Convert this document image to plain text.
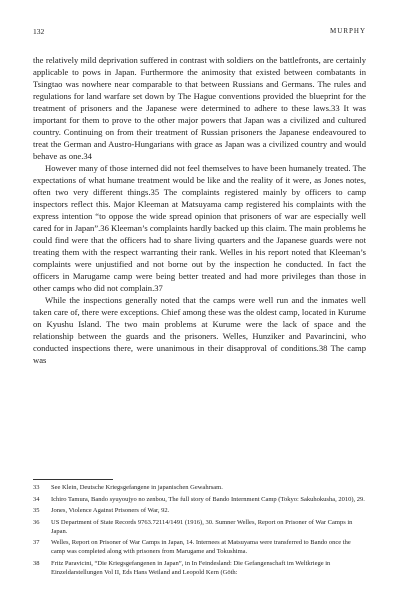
132	MURPHY

the relatively mild deprivation suffered in contrast with soldiers on the battlefronts, are certainly applicable to pows in Japan. Furthermore the animosity that existed between combatants in Tsingtao was nowhere near comparable to that between Russians and Germans. The rules and regulations for land warfare set down by The Hague conventions provided the blueprint for the treatment of prisoners and the Japanese were determined to adhere to these laws.33 It was important for them to prove to the other major powers that Japan was a civilized and cultured country. Continuing on from their treatment of Russian prisoners the Japanese endeavoured to treat the German and Austro-Hungarians with grace as Japan was a civilized country and would behave as one.34

However many of those interned did not feel themselves to have been humanely treated. The expectations of what humane treatment would be like and the reality of it were, as Jones notes, often two very different things.35 The complaints registered mainly by officers to camp inspectors reflect this. Major Kleeman at Matsuyama camp registered his complaints with the express intention “to oppose the wide spread opinion that prisoners of war are especially well cared for in Japan”.36 Kleeman’s complaints hardly backed up this claim. The main problems he could find were that the officers had to share living quarters and the Japanese guards were not treating them with the respect warranting their rank. Welles in his report noted that Kleeman’s complaints were unjustified and not borne out by the inspection he conducted. In fact the officers in Marugame camp were being better treated and had more privileges than those in other camps who did not complain.37

While the inspections generally noted that the camps were well run and the inmates well taken care of, there were exceptions. Chief among these was the oldest camp, located in Kurume on Kyushu Island. The two main problems at Kurume were the lack of space and the relationship between the guards and the prisoners. Welles, Hunziker and Pavarincini, who conducted inspections there, were unanimous in their disapproval of conditions.38 The camp was

33	See Klein, Deutsche Kriegsgefangene in japanischen Gewahrsam.
34	Ichiro Tamura, Bando syuyoujyo no zenbou, The full story of Bando Internment Camp (Tokyo: Sakuhokusha, 2010), 29.
35	Jones, Violence Against Prisoners of War, 92.
36	US Department of State Records 9763.72114/1491 (1916), 30. Sumner Welles, Report on Prisoner of War Camps in Japan.
37	Welles, Report on Prisoner of War Camps in Japan, 14. Internees at Matsuyama were transferred to Bando once the camp was completed along with prisoners from Marugame and Tokushima.
38	Fritz Paravicini, “Die Kriegsgefangenen in Japan”, in In Feindesland: Die Gefangenschaft im Weltkriege in Einzeldarstellungen Vol II, Eds Hans Weiland and Leopold Kern (Göth:
